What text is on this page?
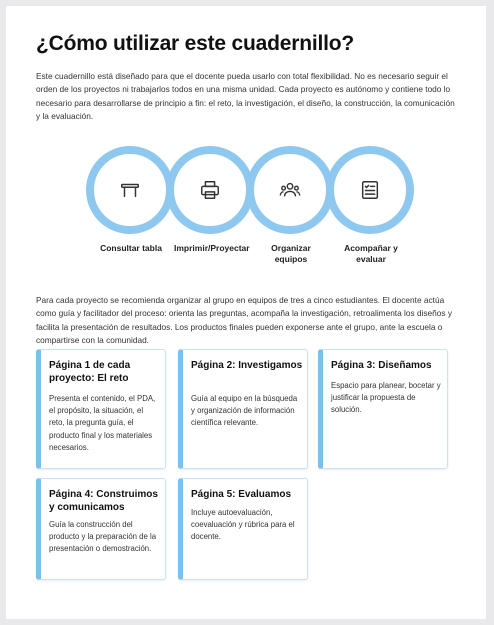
¿Cómo utilizar este cuadernillo?
Este cuadernillo está diseñado para que el docente pueda usarlo con total flexibilidad. No es necesario seguir el orden de los proyectos ni trabajarlos todos en una misma unidad. Cada proyecto es autónomo y contiene todo lo necesario para desarrollarse de principio a fin: el reto, la investigación, el diseño, la construcción, la comunicación y la evaluación.
Consultar tabla	Imprimir/Proyectar	Organizar equipos
Acompañar y evaluar
Para cada proyecto se recomienda organizar al grupo en equipos de tres a cinco estudiantes. El docente actúa como guía y facilitador del proceso: orienta las preguntas, acompaña la investigación, retroalimenta los diseños y facilita la presentación de resultados. Los productos finales pueden exponerse ante el grupo, ante la escuela o compartirse con la comunidad.
Página 1 de cada proyecto: El reto
Presenta el contenido, el PDA, el propósito, la situación, el reto, la pregunta guía, el producto final y los materiales necesarios.
Página 2: Investigamos
Guía al equipo en la búsqueda y organización de información científica relevante.
Página 3: Diseñamos
Espacio para planear, bocetar y justificar la propuesta de solución.
Página 4: Construimos y comunicamos
Guía la construcción del producto y la preparación de la presentación o demostración.
Página 5: Evaluamos
Incluye autoevaluación, coevaluación y rúbrica para el docente.
